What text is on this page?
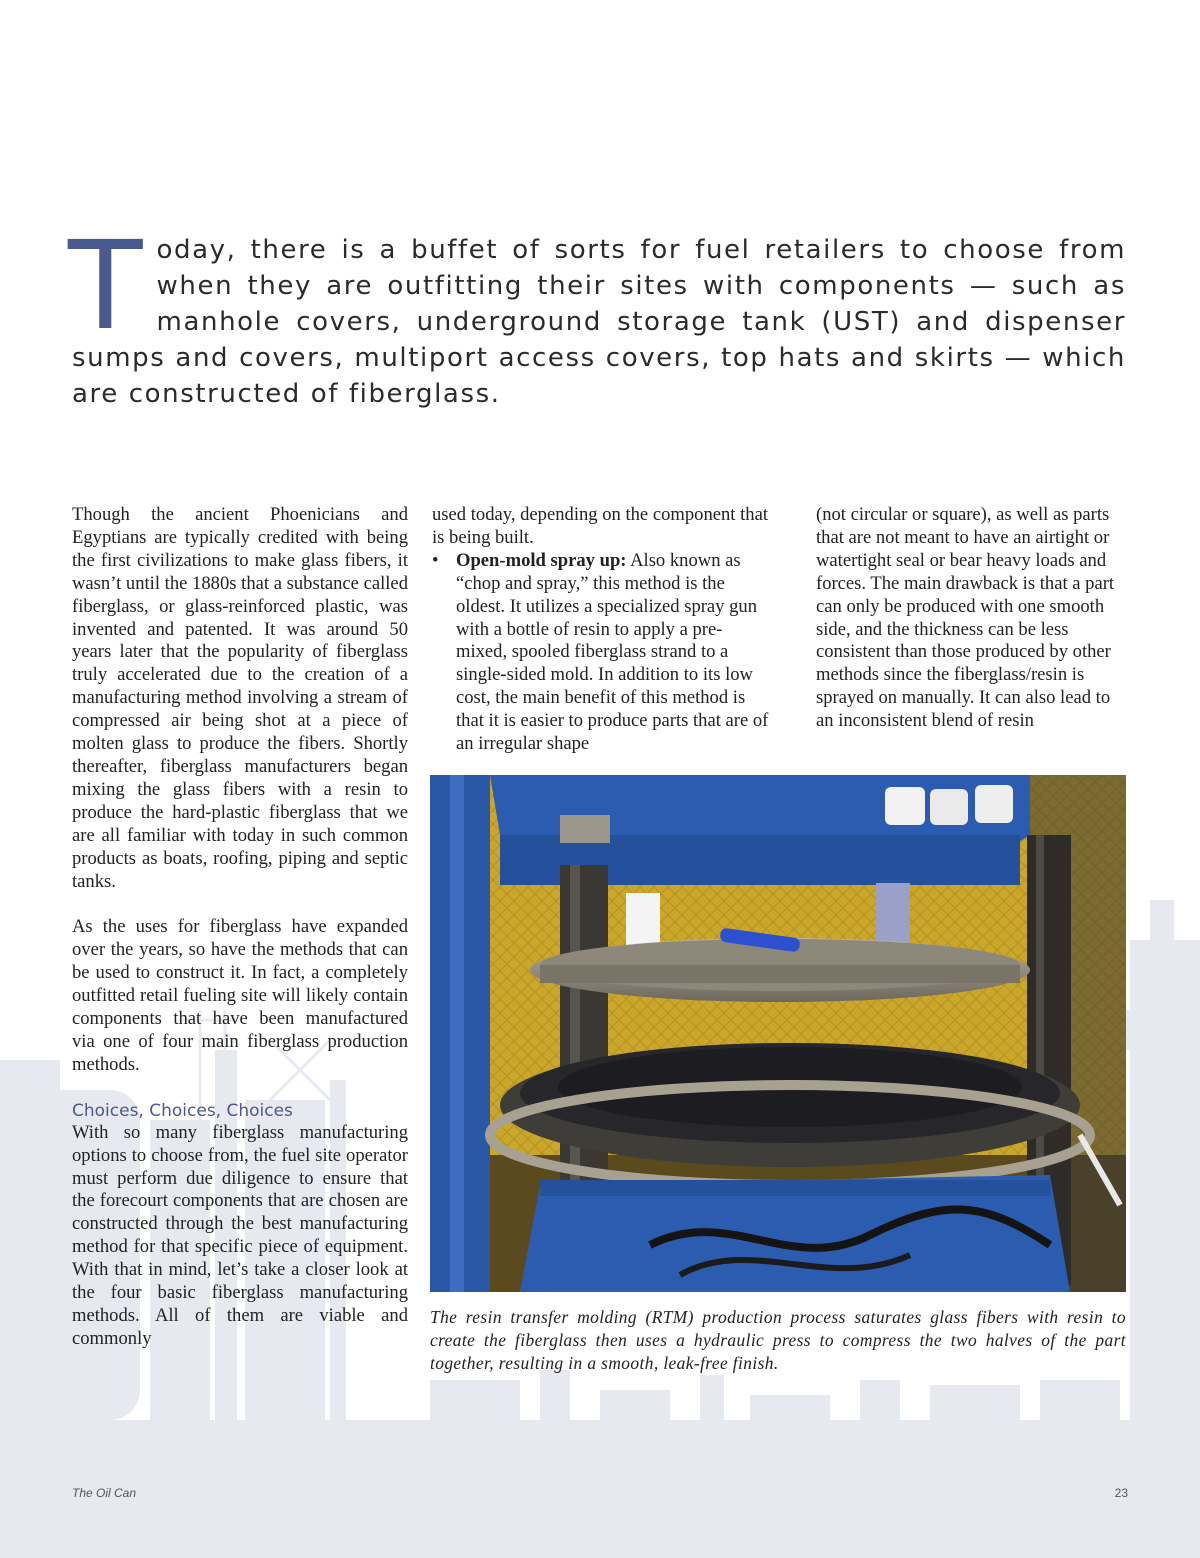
Today, there is a buffet of sorts for fuel retailers to choose from when they are outfitting their sites with components — such as manhole covers, underground storage tank (UST) and dispenser sumps and covers, multiport access covers, top hats and skirts — which are constructed of fiberglass.

Though the ancient Phoenicians and Egyptians are typically credited with being the first civilizations to make glass fibers, it wasn’t until the 1880s that a substance called fiberglass, or glass-reinforced plastic, was invented and patented. It was around 50 years later that the popularity of fiberglass truly accelerated due to the creation of a manufacturing method involving a stream of compressed air being shot at a piece of molten glass to produce the fibers. Shortly thereafter, fiberglass manufacturers began mixing the glass fibers with a resin to produce the hard-plastic fiberglass that we are all familiar with today in such common products as boats, roofing, piping and septic tanks.

As the uses for fiberglass have expanded over the years, so have the methods that can be used to construct it. In fact, a completely outfitted retail fueling site will likely contain components that have been manufactured via one of four main fiberglass production methods.

Choices, Choices, Choices

With so many fiberglass manufacturing options to choose from, the fuel site operator must perform due diligence to ensure that the forecourt components that are chosen are constructed through the best manufacturing method for that specific piece of equipment. With that in mind, let’s take a closer look at the four basic fiberglass manufacturing methods. All of them are viable and commonly

used today, depending on the component that is being built.

• Open-mold spray up: Also known as “chop and spray,” this method is the oldest. It utilizes a specialized spray gun with a bottle of resin to apply a pre-mixed, spooled fiberglass strand to a single-sided mold. In addition to its low cost, the main benefit of this method is that it is easier to produce parts that are of an irregular shape

(not circular or square), as well as parts that are not meant to have an airtight or watertight seal or bear heavy loads and forces. The main drawback is that a part can only be produced with one smooth side, and the thickness can be less consistent than those produced by other methods since the fiberglass/resin is sprayed on manually. It can also lead to an inconsistent blend of resin

The resin transfer molding (RTM) production process saturates glass fibers with resin to create the fiberglass then uses a hydraulic press to compress the two halves of the part together, resulting in a smooth, leak-free finish.

The Oil Can	23
